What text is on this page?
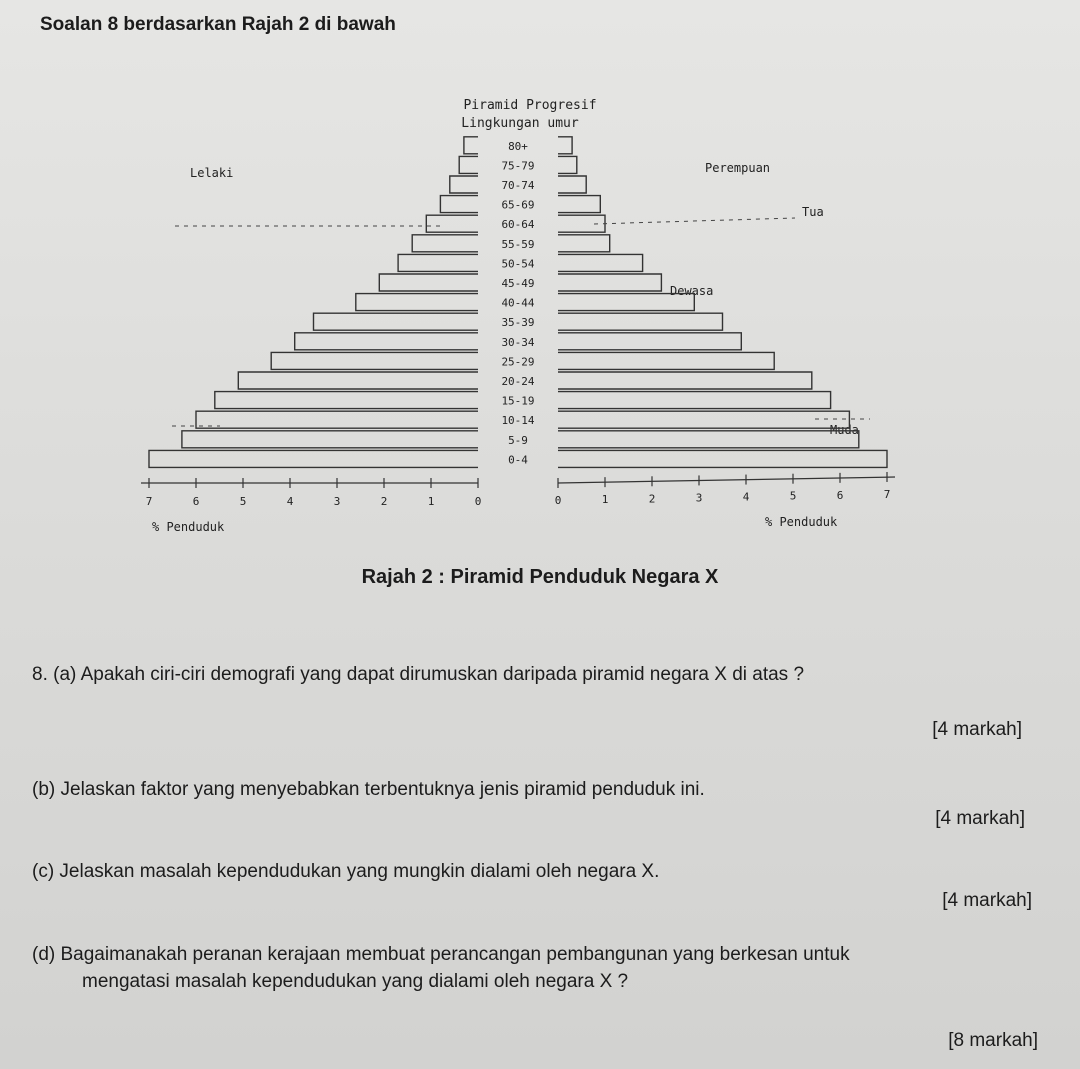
Soalan 8 berdasarkan Rajah 2 di bawah
Piramid Progresif
Lingkungan umur
Lelaki	Perempuan
Tua
Dewasa
Muda
% Penduduk	% Penduduk
0-4
5-9
10-14
15-19
20-24
25-29
30-34
35-39
40-44
45-49
50-54
55-59
60-64
65-69
70-74
75-79
80+
7	6	5	4	3	2	1	0	0	1	2	3	4	5	6	7
Rajah 2 : Piramid Penduduk Negara X
8. (a) Apakah ciri-ciri demografi yang dapat dirumuskan daripada piramid negara X di atas ?
[4 markah]
(b) Jelaskan faktor yang menyebabkan terbentuknya jenis piramid penduduk ini.
[4 markah]
(c) Jelaskan masalah kependudukan yang mungkin dialami oleh negara X.
[4 markah]
(d) Bagaimanakah peranan kerajaan membuat perancangan pembangunan yang berkesan untuk
mengatasi masalah kependudukan yang dialami oleh negara X ?
[8 markah]
